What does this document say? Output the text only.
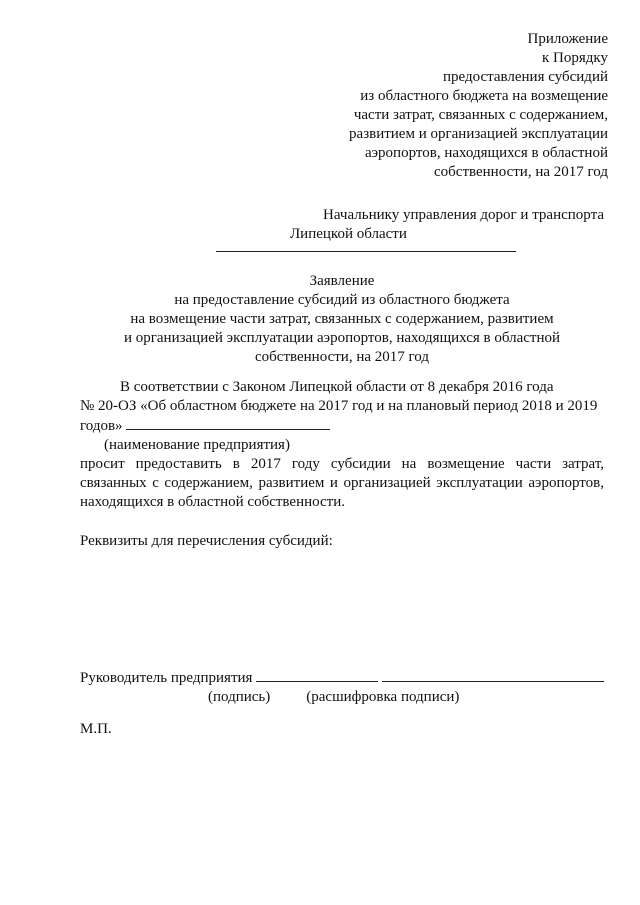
Приложение
к Порядку
предоставления субсидий
из областного бюджета на возмещение
части затрат, связанных с содержанием,
развитием и организацией эксплуатации
аэропортов, находящихся в областной
собственности, на 2017 год
Начальнику управления дорог и транспорта
Липецкой области
Заявление
на предоставление субсидий из областного бюджета
на возмещение части затрат, связанных с содержанием, развитием
и организацией эксплуатации аэропортов, находящихся в областной
собственности, на 2017 год
В соответствии с Законом Липецкой области от 8 декабря 2016 года
№ 20-ОЗ «Об областном бюджете на 2017 год и на плановый период 2018 и 2019
годов»
(наименование предприятия)
просит предоставить в 2017 году субсидии на возмещение части затрат, связанных с содержанием, развитием и организацией эксплуатации аэропортов, находящихся в областной собственности.
Реквизиты для перечисления субсидий:
Руководитель предприятия
(подпись) (расшифровка подписи)
М.П.
